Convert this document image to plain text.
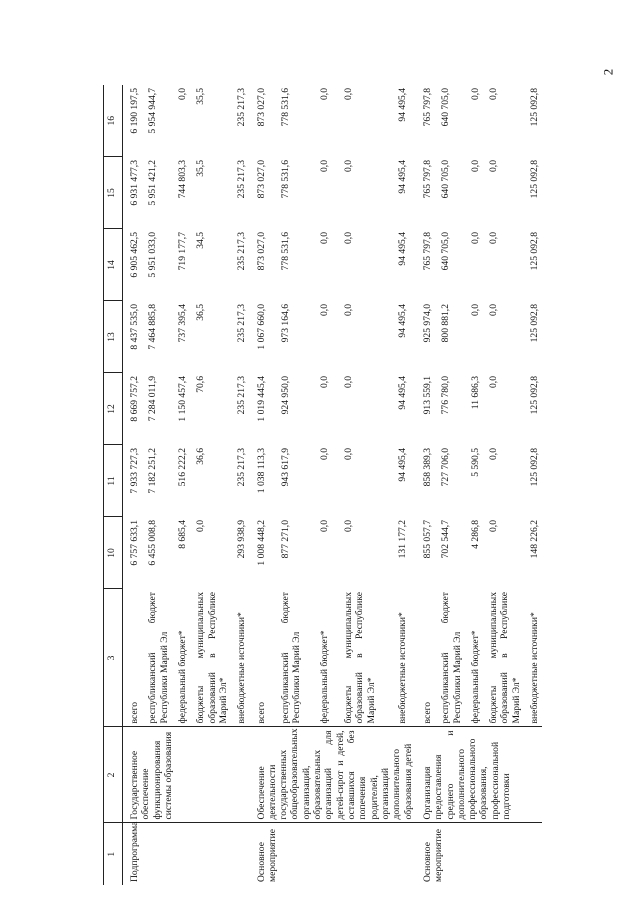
2
1	2	3	10	11	12	13	14	15	16
Подпрограмма	Государственное обеспечение функционирования системы образования	всего	6 757 633,1	7 933 727,3	8 669 757,2	8 437 535,0	6 905 462,5	6 931 477,3	6 190 197,5
		республиканский бюджет Республики Марий Эл	6 455 008,8	7 182 251,2	7 284 011,9	7 464 885,8	5 951 033,0	5 951 421,2	5 954 944,7
		федеральный бюджет*	8 685,4	516 222,2	1 150 457,4	737 395,4	719 177,7	744 803,3	0,0
		бюджеты муниципальных образований в Республике Марий Эл*	0,0	36,6	70,6	36,5	34,5	35,5	35,5
		внебюджетные источники*	293 938,9	235 217,3	235 217,3	235 217,3	235 217,3	235 217,3	235 217,3
Основное мероприятие	Обеспечение деятельности государственных общеобразовательных организаций, образовательных организаций для детей-сирот и детей, оставшихся без попечения родителей, организаций дополнительного образования детей	всего	1 008 448,2	1 038 113,3	1 019 445,4	1 067 660,0	873 027,0	873 027,0	873 027,0
		республиканский бюджет Республики Марий Эл	877 271,0	943 617,9	924 950,0	973 164,6	778 531,6	778 531,6	778 531,6
		федеральный бюджет*	0,0	0,0	0,0	0,0	0,0	0,0	0,0
		бюджеты муниципальных образований в Республике Марий Эл*	0,0	0,0	0,0	0,0	0,0	0,0	0,0
		внебюджетные источники*	131 177,2	94 495,4	94 495,4	94 495,4	94 495,4	94 495,4	94 495,4
Основное мероприятие	Организация предоставления среднего и дополнительного профессионального образования, профессиональной подготовки	всего	855 057,7	858 389,3	913 559,1	925 974,0	765 797,8	765 797,8	765 797,8
		республиканский бюджет Республики Марий Эл	702 544,7	727 706,0	776 780,0	800 881,2	640 705,0	640 705,0	640 705,0
		федеральный бюджет*	4 286,8	5 590,5	11 686,3	0,0	0,0	0,0	0,0
		бюджеты муниципальных образований в Республике Марий Эл*	0,0	0,0	0,0	0,0	0,0	0,0	0,0
		внебюджетные источники*	148 226,2	125 092,8	125 092,8	125 092,8	125 092,8	125 092,8	125 092,8
